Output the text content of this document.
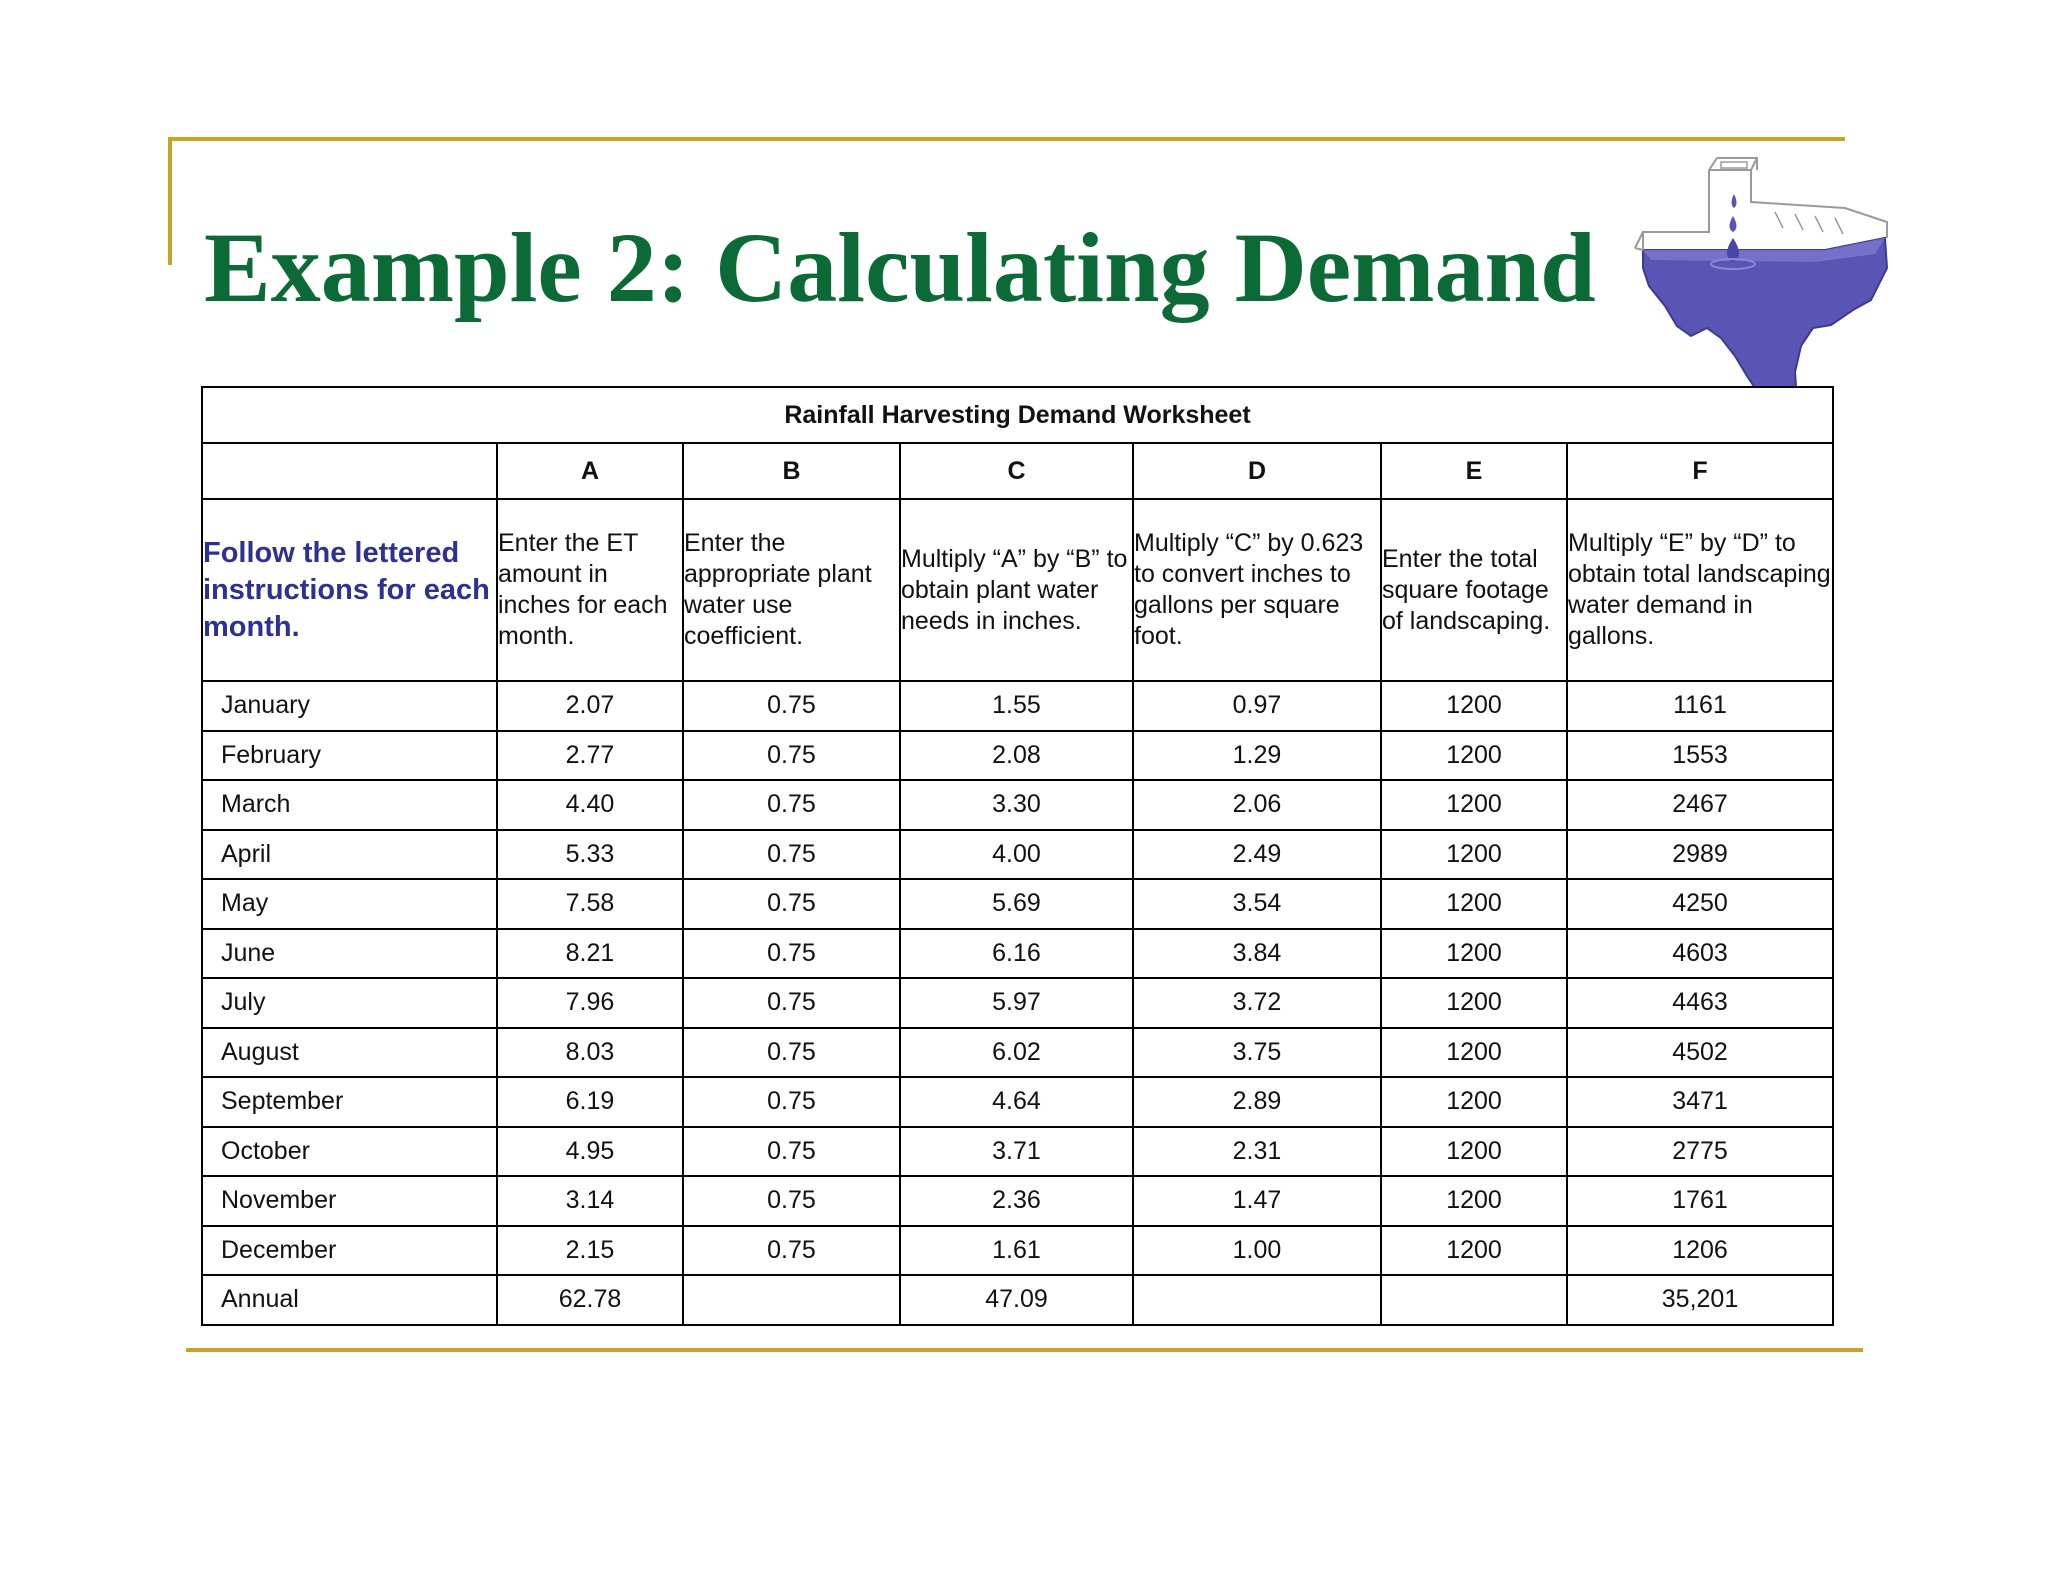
Example 2: Calculating Demand
Rainfall Harvesting Demand Worksheet						
	A	B	C	D	E	F
Follow the lettered instructions for each month.	Enter the ET amount in inches for each month.	Enter the appropriate plant water use coefficient.	Multiply “A” by “B” to obtain plant water needs in inches.	Multiply “C” by 0.623 to convert inches to gallons per square foot.	Enter the total square footage of landscaping.	Multiply “E” by “D” to obtain total landscaping water demand in gallons.
January	2.07	0.75	1.55	0.97	1200	1161
February	2.77	0.75	2.08	1.29	1200	1553
March	4.40	0.75	3.30	2.06	1200	2467
April	5.33	0.75	4.00	2.49	1200	2989
May	7.58	0.75	5.69	3.54	1200	4250
June	8.21	0.75	6.16	3.84	1200	4603
July	7.96	0.75	5.97	3.72	1200	4463
August	8.03	0.75	6.02	3.75	1200	4502
September	6.19	0.75	4.64	2.89	1200	3471
October	4.95	0.75	3.71	2.31	1200	2775
November	3.14	0.75	2.36	1.47	1200	1761
December	2.15	0.75	1.61	1.00	1200	1206
Annual	62.78		47.09			35,201
